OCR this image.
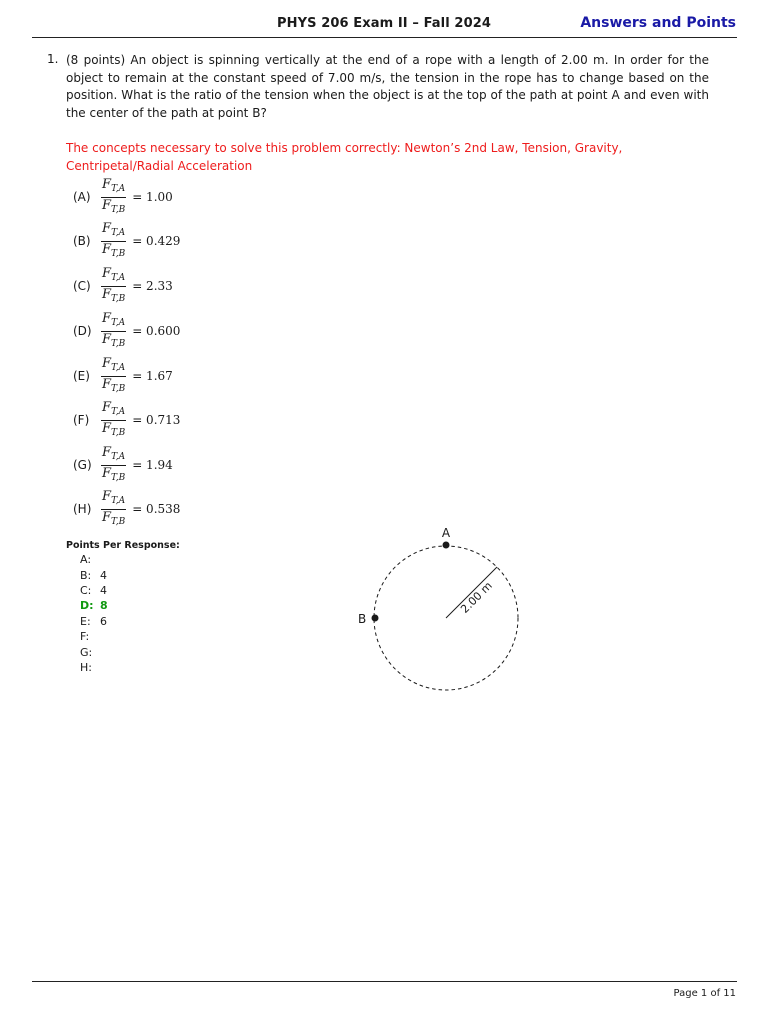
PHYS 206 Exam II – Fall 2024	Answers and Points
1. (8 points) An object is spinning vertically at the end of a rope with a length of 2.00 m. In order for the object to remain at the constant speed of 7.00 m/s, the tension in the rope has to change based on the position. What is the ratio of the tension when the object is at the top of the path at point A and even with the center of the path at point B?
The concepts necessary to solve this problem correctly: Newton’s 2nd Law, Tension, Gravity, Centripetal/Radial Acceleration
$(A) \frac{F_{T,A}}{F_{T,B}} = 1.00$
$(B) \frac{F_{T,A}}{F_{T,B}} = 0.429$
$(C) \frac{F_{T,A}}{F_{T,B}} = 2.33$
$(D) \frac{F_{T,A}}{F_{T,B}} = 0.600$
$(E) \frac{F_{T,A}}{F_{T,B}} = 1.67$
$(F) \frac{F_{T,A}}{F_{T,B}} = 0.713$
$(G) \frac{F_{T,A}}{F_{T,B}} = 1.94$
$(H) \frac{F_{T,A}}{F_{T,B}} = 0.538$
Points Per Response:
A:
B: 4
C: 4
D: 8
E: 6
F:
G:
H:
A
B
2.00 m
Page 1 of 11
